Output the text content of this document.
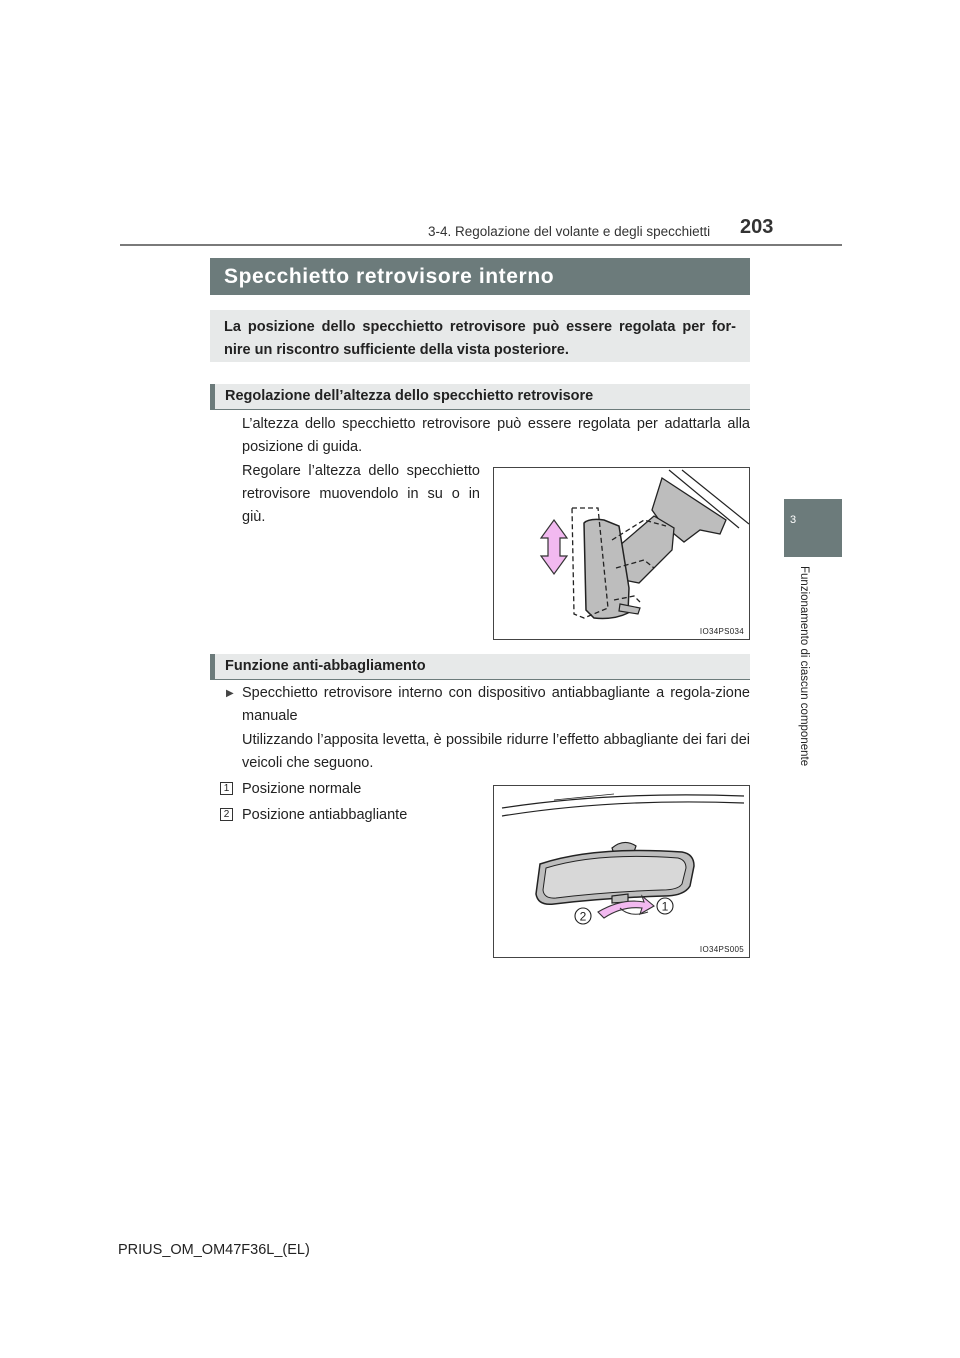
3-4. Regolazione del volante e degli specchietti 203
3
Funzionamento di ciascun componente
Specchietto retrovisore interno
La posizione dello specchietto retrovisore può essere regolata per for-nire un riscontro sufficiente della vista posteriore.
Regolazione dell’altezza dello specchietto retrovisore
L’altezza dello specchietto retrovisore può essere regolata per adattarla alla posizione di guida.
Regolare l’altezza dello specchietto retrovisore muovendolo in su o in giù.
IO34PS034
Funzione anti-abbagliamento
▶ Specchietto retrovisore interno con dispositivo antiabbagliante a regola-zione manuale
Utilizzando l’apposita levetta, è possibile ridurre l’effetto abbagliante dei fari dei veicoli che seguono.
1 Posizione normale
2 Posizione antiabbagliante
1
2
IO34PS005
PRIUS_OM_OM47F36L_(EL)
